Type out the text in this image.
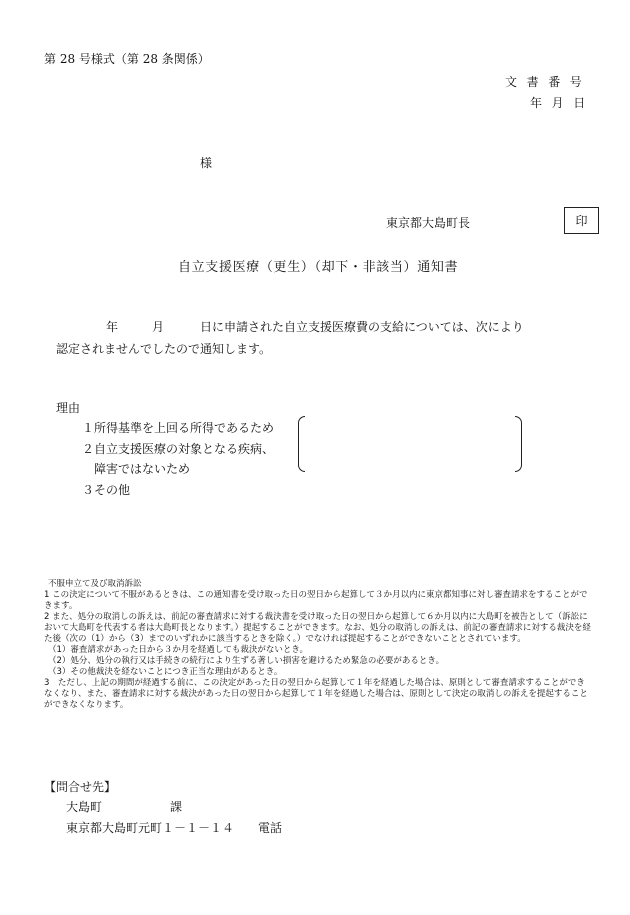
第 28 号様式（第 28 条関係）
文書番号
年月日
様
東京都大島町長	印
自立支援医療（更生）（却下・非該当）通知書
年	月	日に申請された自立支援医療費の支給については、次により
認定されませんでしたので通知します。
理由
１所得基準を上回る所得であるため
２自立支援医療の対象となる疾病、
障害ではないため
３その他

不服申立て及び取消訴訟

1 この決定について不服があるときは、この通知書を受け取った日の翌日から起算して３か月以内に東京都知事に対し審査請求をすることができます。

2 また、処分の取消しの訴えは、前記の審査請求に対する裁決書を受け取った日の翌日から起算して６か月以内に大島町を被告として（訴訟において大島町を代表する者は大島町長となります。）提起することができます。なお、処分の取消しの訴えは、前記の審査請求に対する裁決を経た後（次の（1）から（3）までのいずれかに該当するときを除く。）でなければ提起することができないこととされています。

（1）審査請求があった日から３か月を経過しても裁決がないとき。

（2）処分、処分の執行又は手続きの続行により生ずる著しい損害を避けるため緊急の必要があるとき。

（3）その他裁決を経ないことにつき正当な理由があるとき。

3　ただし、上記の期間が経過する前に、この決定があった日の翌日から起算して１年を経過した場合は、原則として審査請求することができなくなり、また、審査請求に対する裁決があった日の翌日から起算して１年を経過した場合は、原則として決定の取消しの訴えを提起することができなくなります。

【問合せ先】
大島町	課
東京都大島町元町１－１－１４ 電話
